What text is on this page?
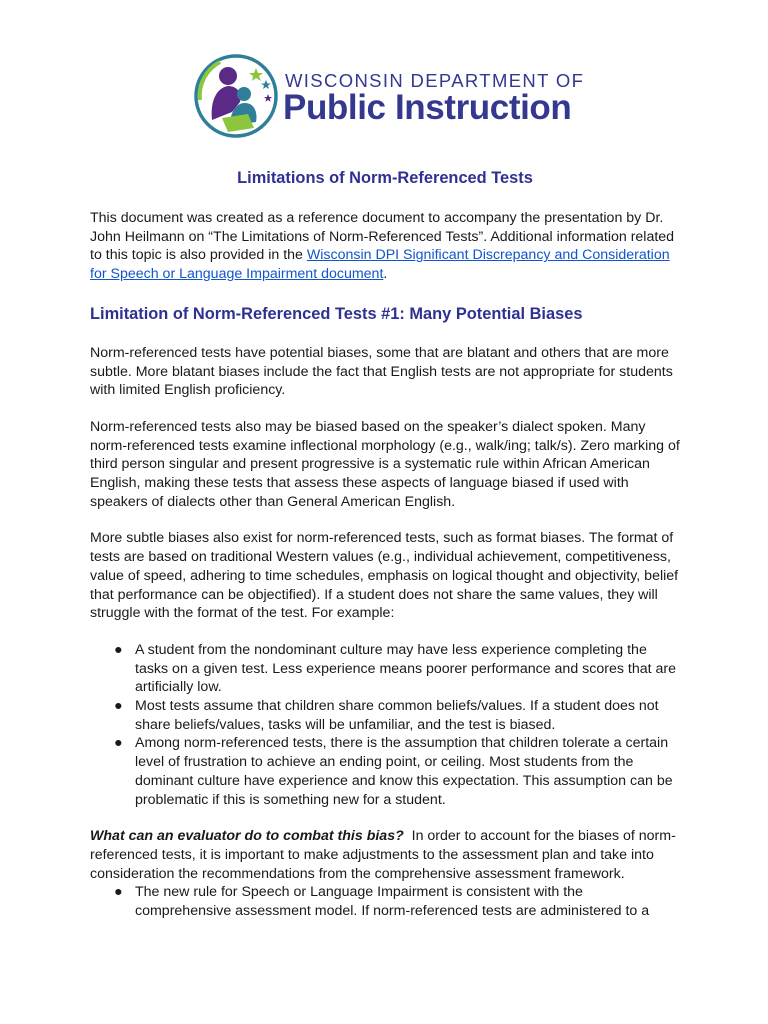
WISCONSIN DEPARTMENT OF
Public Instruction
Limitations of Norm-Referenced Tests

This document was created as a reference document to accompany the presentation by Dr. John Heilmann on “The Limitations of Norm-Referenced Tests”. Additional information related to this topic is also provided in the Wisconsin DPI Significant Discrepancy and Consideration for Speech or Language Impairment document.

Limitation of Norm-Referenced Tests #1: Many Potential Biases

Norm-referenced tests have potential biases, some that are blatant and others that are more subtle. More blatant biases include the fact that English tests are not appropriate for students with limited English proficiency.

Norm-referenced tests also may be biased based on the speaker’s dialect spoken. Many norm-referenced tests examine inflectional morphology (e.g., walk/ing; talk/s). Zero marking of third person singular and present progressive is a systematic rule within African American English, making these tests that assess these aspects of language biased if used with speakers of dialects other than General American English.

More subtle biases also exist for norm-referenced tests, such as format biases. The format of tests are based on traditional Western values (e.g., individual achievement, competitiveness, value of speed, adhering to time schedules, emphasis on logical thought and objectivity, belief that performance can be objectified). If a student does not share the same values, they will struggle with the format of the test. For example:

● A student from the nondominant culture may have less experience completing the tasks on a given test. Less experience means poorer performance and scores that are artificially low.
● Most tests assume that children share common beliefs/values. If a student does not share beliefs/values, tasks will be unfamiliar, and the test is biased.
● Among norm-referenced tests, there is the assumption that children tolerate a certain level of frustration to achieve an ending point, or ceiling. Most students from the dominant culture have experience and know this expectation. This assumption can be problematic if this is something new for a student.

What can an evaluator do to combat this bias?  In order to account for the biases of norm-referenced tests, it is important to make adjustments to the assessment plan and take into consideration the recommendations from the comprehensive assessment framework.

● The new rule for Speech or Language Impairment is consistent with the comprehensive assessment model. If norm-referenced tests are administered to a
